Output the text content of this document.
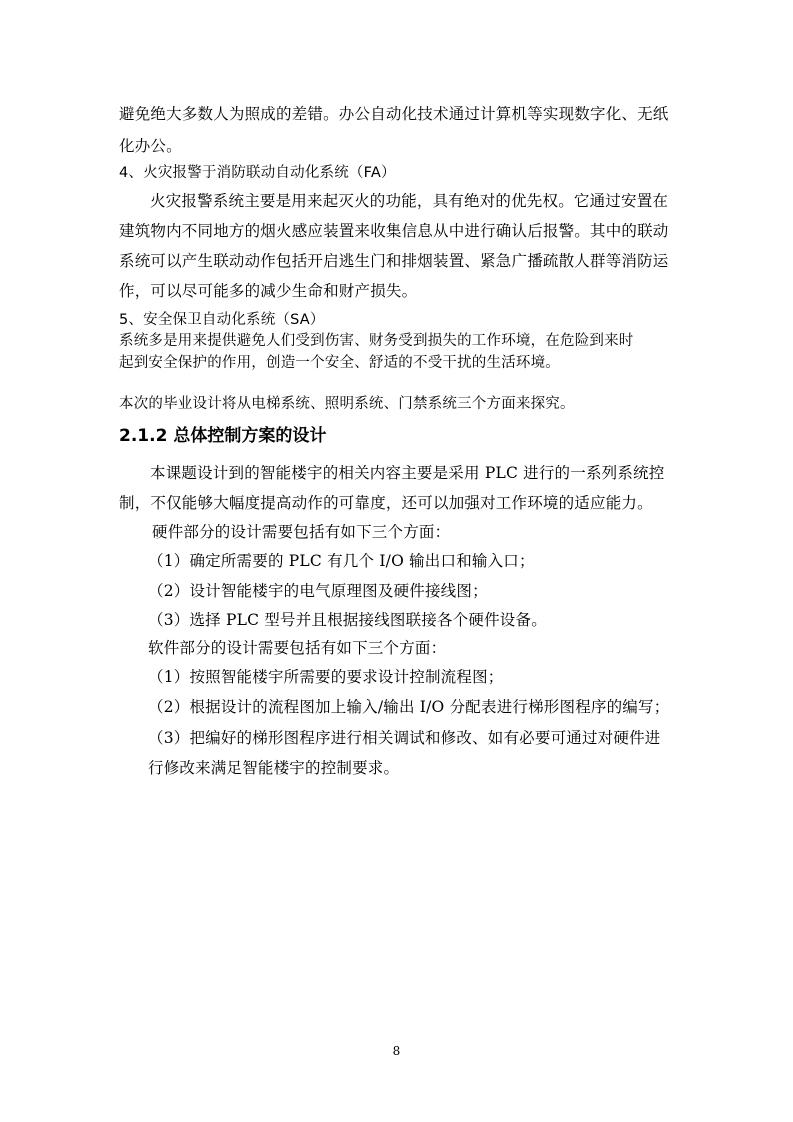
避免绝大多数人为照成的差错。办公自动化技术通过计算机等实现数字化、无纸
化办公。
4、火灾报警于消防联动自动化系统（FA）
火灾报警系统主要是用来起灭火的功能，具有绝对的优先权。它通过安置在
建筑物内不同地方的烟火感应装置来收集信息从中进行确认后报警。其中的联动
系统可以产生联动动作包括开启逃生门和排烟装置、紧急广播疏散人群等消防运
作，可以尽可能多的减少生命和财产损失。
5、安全保卫自动化系统（SA）
系统多是用来提供避免人们受到伤害、财务受到损失的工作环境，在危险到来时
起到安全保护的作用，创造一个安全、舒适的不受干扰的生活环境。
本次的毕业设计将从电梯系统、照明系统、门禁系统三个方面来探究。
2.1.2 总体控制方案的设计
本课题设计到的智能楼宇的相关内容主要是采用 PLC 进行的一系列系统控
制，不仅能够大幅度提高动作的可靠度，还可以加强对工作环境的适应能力。
硬件部分的设计需要包括有如下三个方面：
（1）确定所需要的 PLC 有几个 I/O 输出口和输入口；
（2）设计智能楼宇的电气原理图及硬件接线图；
（3）选择 PLC 型号并且根据接线图联接各个硬件设备。
软件部分的设计需要包括有如下三个方面：
（1）按照智能楼宇所需要的要求设计控制流程图；
（2）根据设计的流程图加上输入/输出 I/O 分配表进行梯形图程序的编写；
（3）把编好的梯形图程序进行相关调试和修改、如有必要可通过对硬件进
行修改来满足智能楼宇的控制要求。
8
